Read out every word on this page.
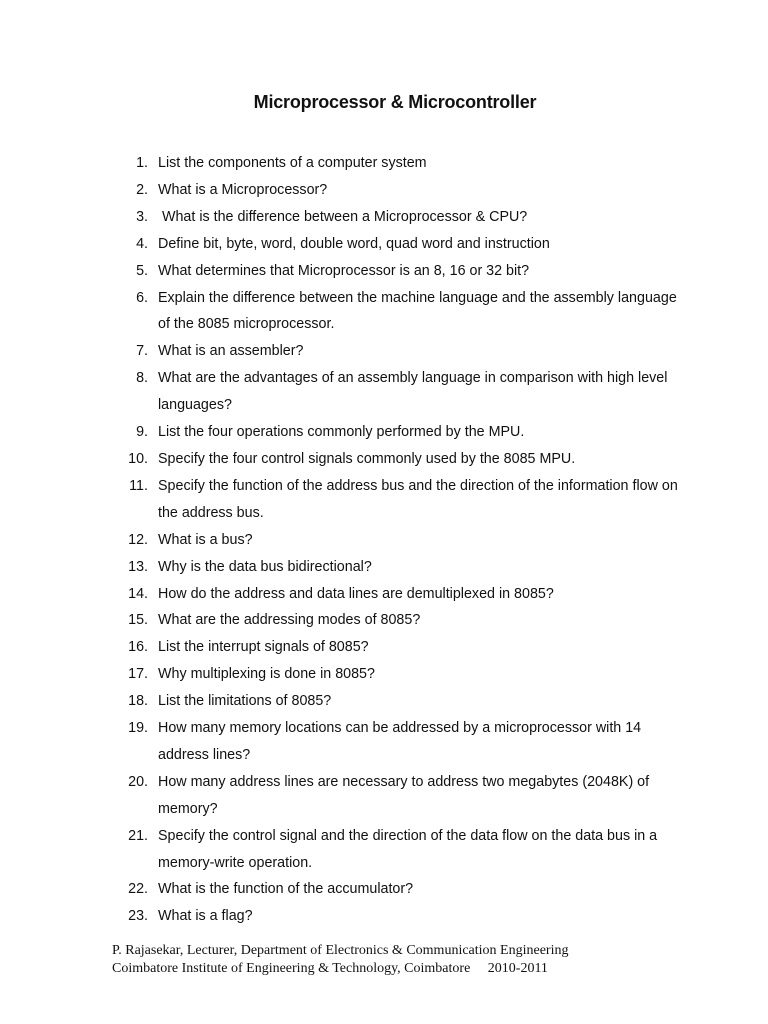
Microprocessor & Microcontroller
1. List the components of a computer system
2. What is a Microprocessor?
3. What is the difference between a Microprocessor & CPU?
4. Define bit, byte, word, double word, quad word and instruction
5. What determines that Microprocessor is an 8, 16 or 32 bit?
6. Explain the difference between the machine language and the assembly language of the 8085 microprocessor.
7. What is an assembler?
8. What are the advantages of an assembly language in comparison with high level languages?
9. List the four operations commonly performed by the MPU.
10. Specify the four control signals commonly used by the 8085 MPU.
11. Specify the function of the address bus and the direction of the information flow on the address bus.
12. What is a bus?
13. Why is the data bus bidirectional?
14. How do the address and data lines are demultiplexed in 8085?
15. What are the addressing modes of 8085?
16. List the interrupt signals of 8085?
17. Why multiplexing is done in 8085?
18. List the limitations of 8085?
19. How many memory locations can be addressed by a microprocessor with 14 address lines?
20. How many address lines are necessary to address two megabytes (2048K) of memory?
21. Specify the control signal and the direction of the data flow on the data bus in a memory-write operation.
22. What is the function of the accumulator?
23. What is a flag?
P. Rajasekar, Lecturer, Department of Electronics & Communication Engineering
Coimbatore Institute of Engineering & Technology, Coimbatore     2010-2011
